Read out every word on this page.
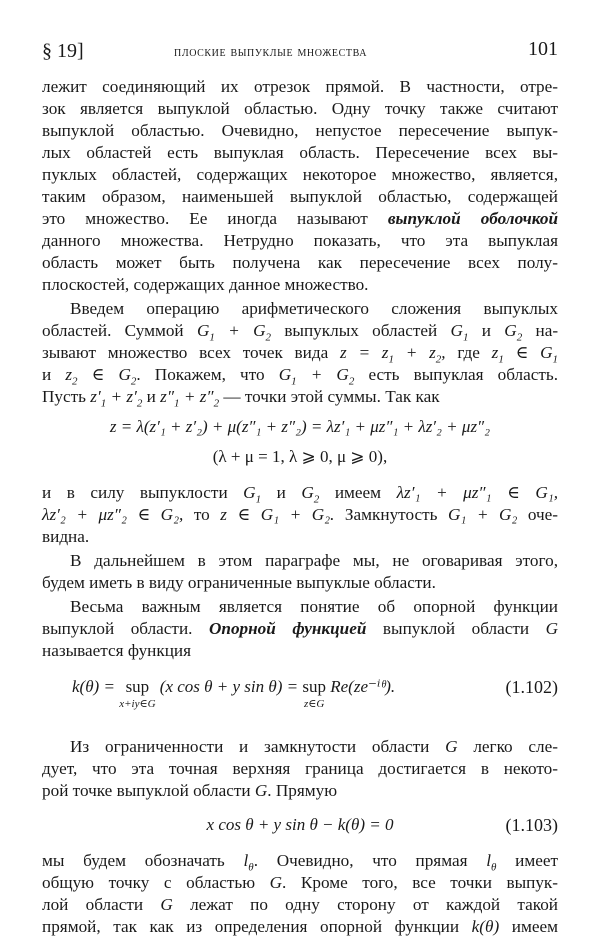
§ 19]	плоские выпуклые множества	101
лежит соединяющий их отрезок прямой. В частности, отре-
зок является выпуклой областью. Одну точку также считают
выпуклой областью. Очевидно, непустое пересечение выпук-
лых областей есть выпуклая область. Пересечение всех вы-
пуклых областей, содержащих некоторое множество, является,
таким образом, наименьшей выпуклой областью, содержащей
это множество. Ее иногда называют выпуклой оболочкой
данного множества. Нетрудно показать, что эта выпуклая
область может быть получена как пересечение всех полу-
плоскостей, содержащих данное множество.
Введем операцию арифметического сложения выпуклых
областей. Суммой $G_1 + G_2$ выпуклых областей $G_1$ и $G_2$ на-
зывают множество всех точек вида $z = z_1 + z_2$, где $z_1$ ∈ $G_1$
и $z_2$ ∈ $G_2$. Покажем, что $G_1 + G_2$ есть выпуклая область.
Пусть $z'_1 + z'_2$ и $z''_1 + z''_2$ — точки этой суммы. Так как
z = λ(z′₁ + z′₂) + μ(z″₁ + z″₂) = λz′₁ + μz″₁ + λz′₂ + μz″₂
(λ + μ = 1, λ ⩾ 0, μ ⩾ 0),
и в силу выпуклости $G_1$ и $G_2$ имеем λz′₁ + μz″₁ ∈ G₁,
λz′₂ + μz″₂ ∈ G₂, то z ∈ G₁ + G₂. Замкнутость G₁ + G₂ оче-
видна.
В дальнейшем в этом параграфе мы, не оговаривая этого,
будем иметь в виду ограниченные выпуклые области.
Весьма важным является понятие об опорной функции
выпуклой области. Опорной функцией выпуклой области G
называется функция
k(θ) = sup
x+iy∈G
(x cos θ + y sin θ) = sup
z∈G
Re(ze⁻ⁱᶿ).	(1.102)
Из ограниченности и замкнутости области G легко сле-
дует, что эта точная верхняя граница достигается в некото-
рой точке выпуклой области G. Прямую
x cos θ + y sin θ − k(θ) = 0	(1.103)
мы будем обозначать $l_\theta$. Очевидно, что прямая $l_\theta$ имеет
общую точку с областью G. Кроме того, все точки выпук-
лой области G лежат по одну сторону от каждой такой
прямой, так как из определения опорной функции k(θ) имеем
